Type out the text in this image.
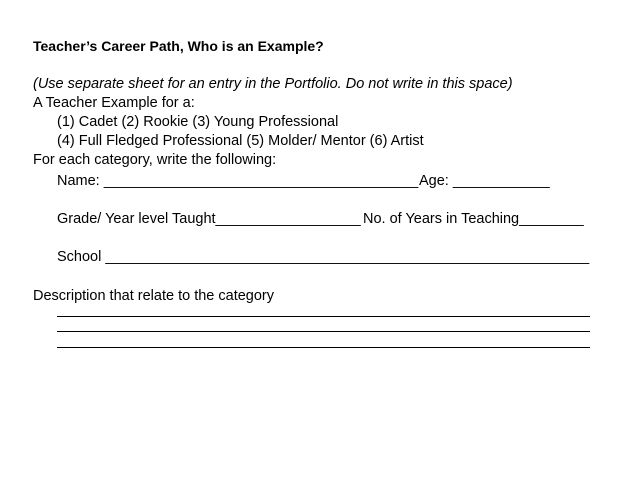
Teacher’s Career Path, Who is an Example?
(Use separate sheet for an entry in the Portfolio. Do not write in this space)
A Teacher Example for a:
(1) Cadet (2) Rookie (3) Young Professional
(4) Full Fledged Professional (5) Molder/ Mentor (6) Artist
For each category, write the following:
Name: _______________________________________ Age: ____________
Grade/ Year level Taught__________________ No. of Years in Teaching________
School ____________________________________________________________
Description that relate to the category
